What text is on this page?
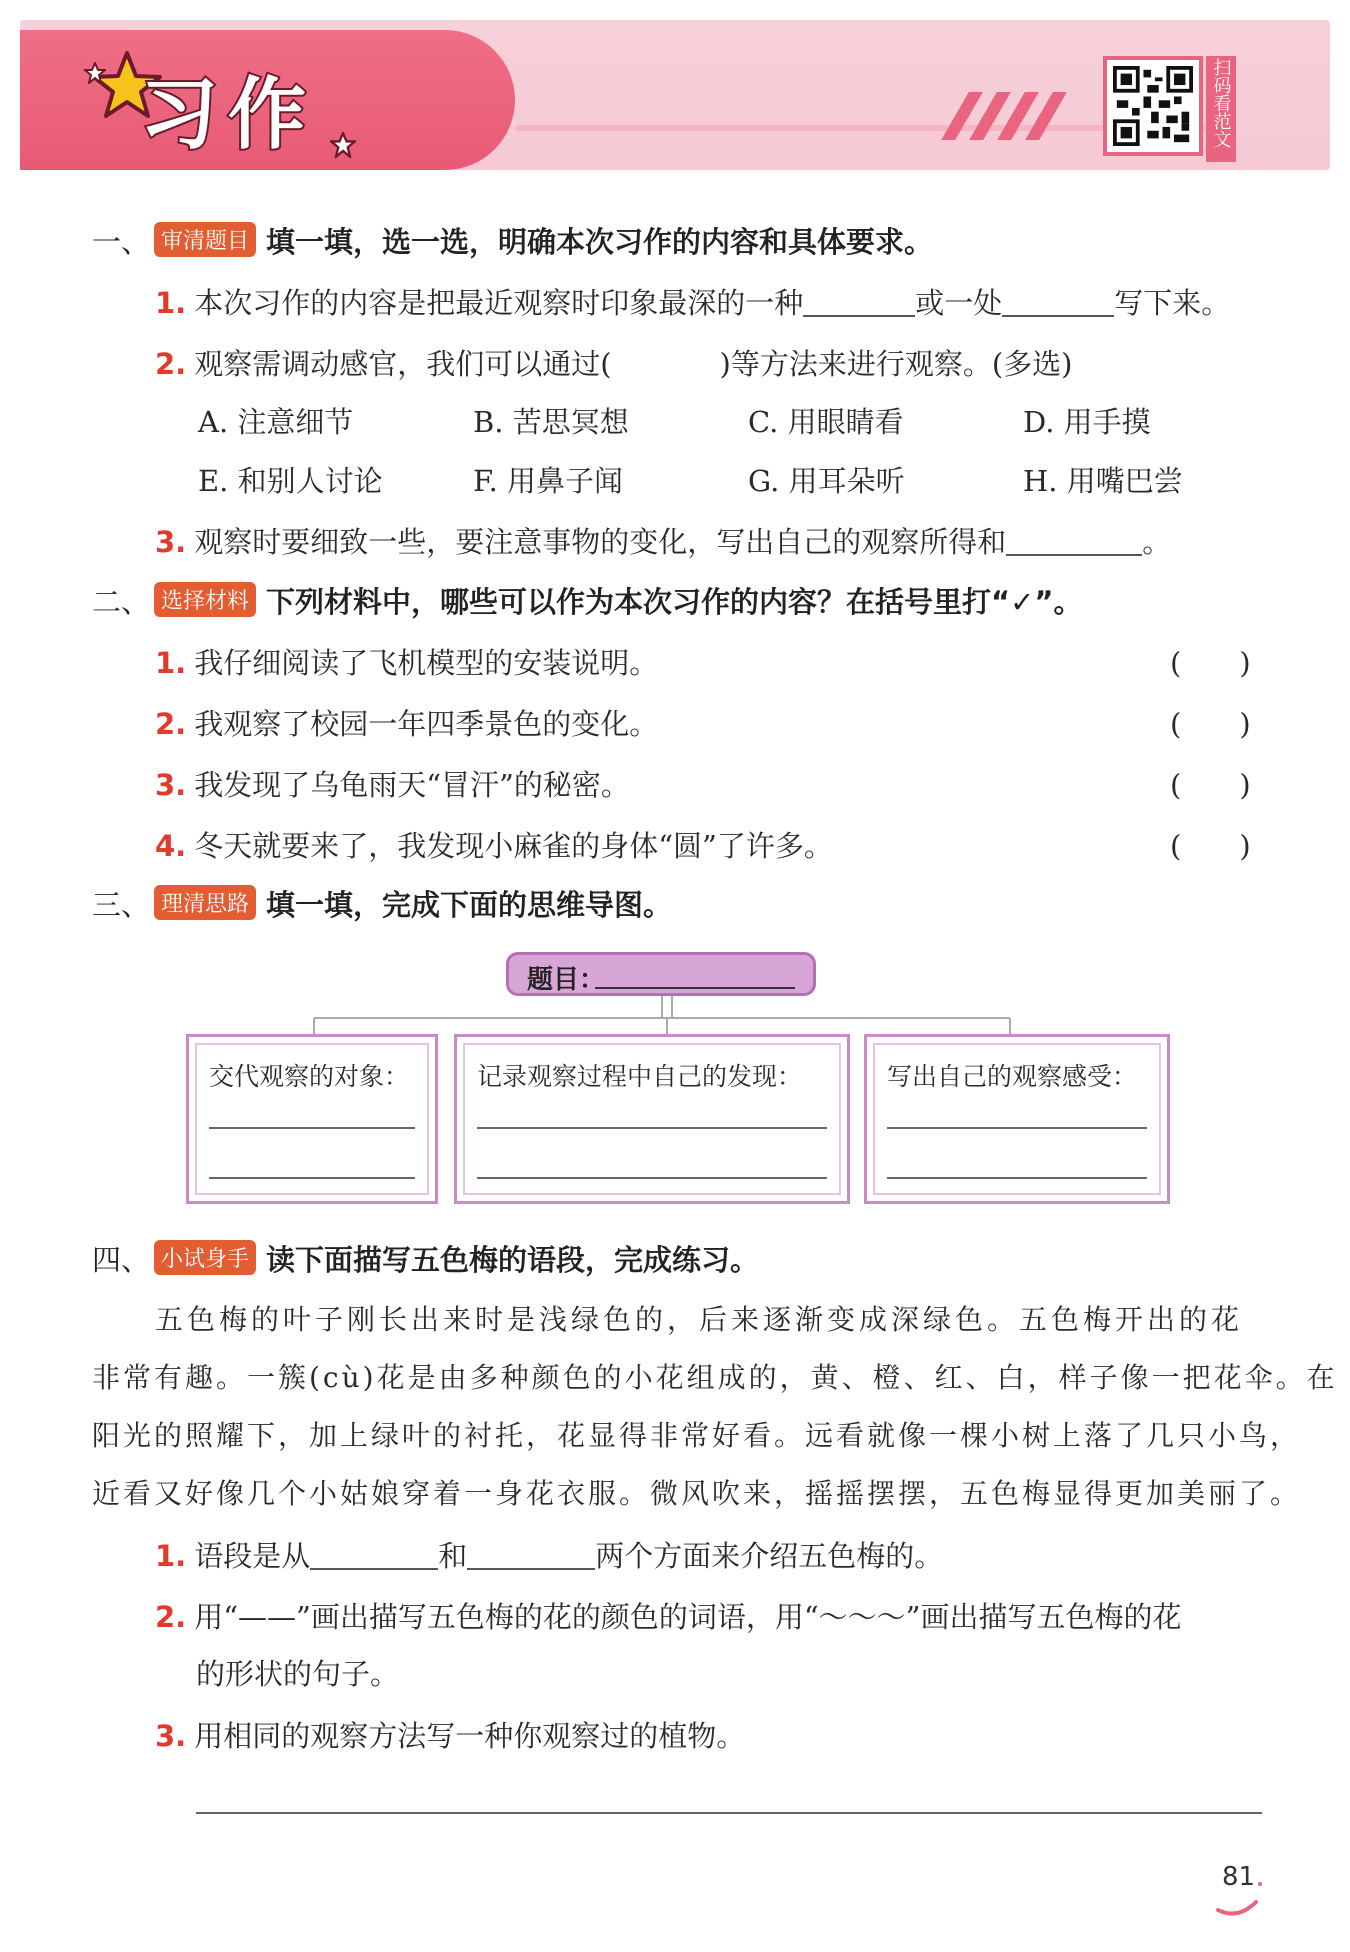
习作	扫码看范文
一、 审清题目 填一填，选一选，明确本次习作的内容和具体要求。
1. 本次习作的内容是把最近观察时印象最深的一种	或一处	写下来。
2. 观察需调动感官，我们可以通过(	)等方法来进行观察。(多选)
A. 注意细节	B. 苦思冥想	C. 用眼睛看	D. 用手摸
E. 和别人讨论	F. 用鼻子闻	G. 用耳朵听	H. 用嘴巴尝
3. 观察时要细致一些，要注意事物的变化，写出自己的观察所得和	。
二、 选择材料 下列材料中，哪些可以作为本次习作的内容？在括号里打“✓”。
1. 我仔细阅读了飞机模型的安装说明。	(　　)
2. 我观察了校园一年四季景色的变化。	(　　)
3. 我发现了乌龟雨天“冒汗”的秘密。	(　　)
4. 冬天就要来了，我发现小麻雀的身体“圆”了许多。	(　　)
三、 理清思路 填一填，完成下面的思维导图。
题目：
交代观察的对象：	记录观察过程中自己的发现：	写出自己的观察感受：
四、 小试身手 读下面描写五色梅的语段，完成练习。
五色梅的叶子刚长出来时是浅绿色的，后来逐渐变成深绿色。五色梅开出的花
非常有趣。一簇(cù)花是由多种颜色的小花组成的，黄、橙、红、白，样子像一把花伞。在
阳光的照耀下，加上绿叶的衬托，花显得非常好看。远看就像一棵小树上落了几只小鸟，
近看又好像几个小姑娘穿着一身花衣服。微风吹来，摇摇摆摆，五色梅显得更加美丽了。
1. 语段是从	和	两个方面来介绍五色梅的。
2. 用“——”画出描写五色梅的花的颜色的词语，用“～～～”画出描写五色梅的花
的形状的句子。
3. 用相同的观察方法写一种你观察过的植物。
81
